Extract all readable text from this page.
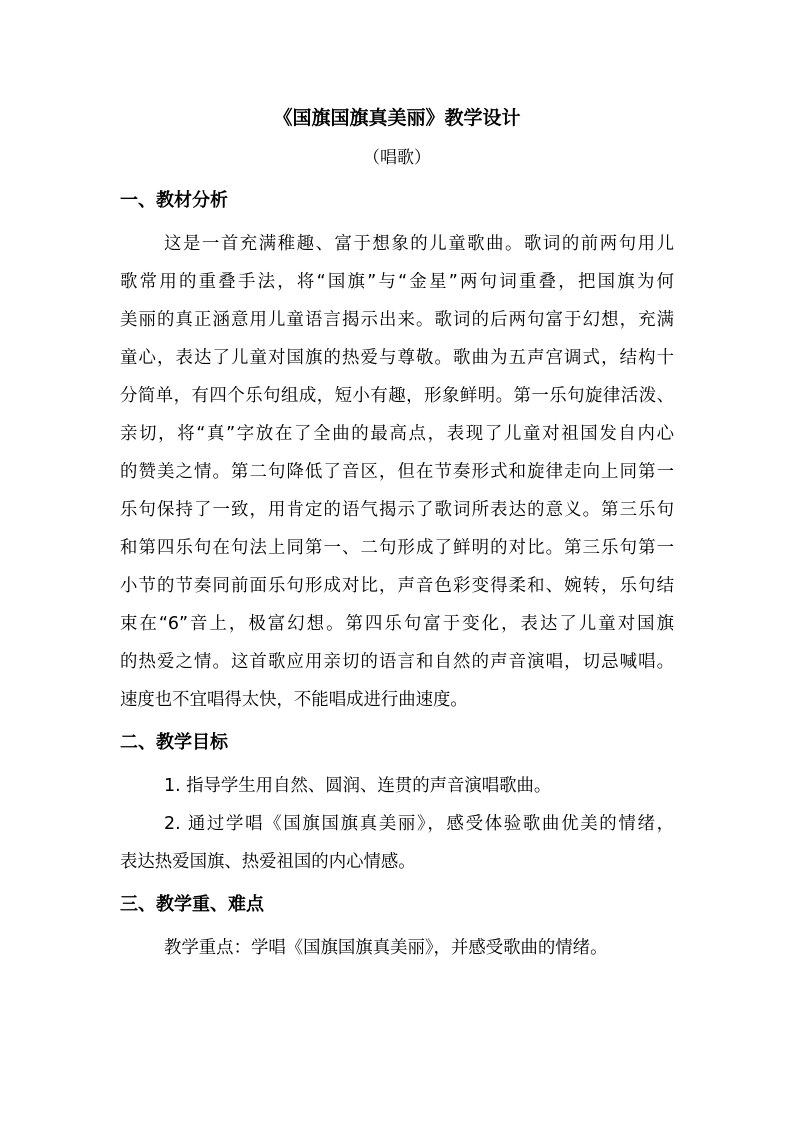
《国旗国旗真美丽》教学设计
（唱歌）
一、教材分析
这是一首充满稚趣、富于想象的儿童歌曲。歌词的前两句用儿
歌常用的重叠手法，将“国旗”与“金星”两句词重叠，把国旗为何
美丽的真正涵意用儿童语言揭示出来。歌词的后两句富于幻想，充满
童心，表达了儿童对国旗的热爱与尊敬。歌曲为五声宫调式，结构十
分简单，有四个乐句组成，短小有趣，形象鲜明。第一乐句旋律活泼、
亲切，将“真”字放在了全曲的最高点，表现了儿童对祖国发自内心
的赞美之情。第二句降低了音区，但在节奏形式和旋律走向上同第一
乐句保持了一致，用肯定的语气揭示了歌词所表达的意义。第三乐句
和第四乐句在句法上同第一、二句形成了鲜明的对比。第三乐句第一
小节的节奏同前面乐句形成对比，声音色彩变得柔和、婉转，乐句结
束在“6”音上，极富幻想。第四乐句富于变化，表达了儿童对国旗
的热爱之情。这首歌应用亲切的语言和自然的声音演唱，切忌喊唱。
速度也不宜唱得太快，不能唱成进行曲速度。
二、教学目标
1. 指导学生用自然、圆润、连贯的声音演唱歌曲。
2. 通过学唱《国旗国旗真美丽》，感受体验歌曲优美的情绪，
表达热爱国旗、热爱祖国的内心情感。
三、教学重、难点
教学重点：学唱《国旗国旗真美丽》，并感受歌曲的情绪。
